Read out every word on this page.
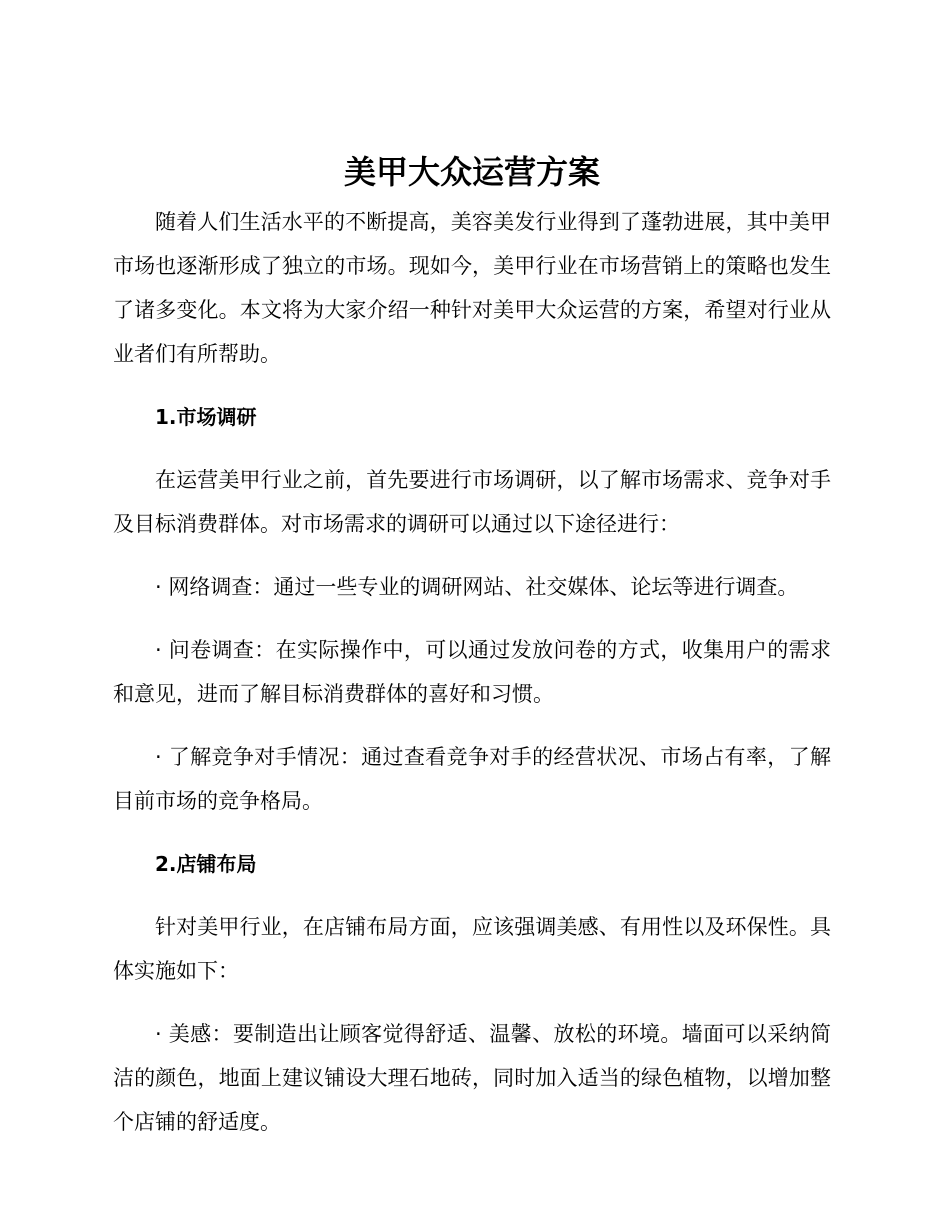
美甲大众运营方案

随着人们生活水平的不断提高，美容美发行业得到了蓬勃进展，其中美甲市场也逐渐形成了独立的市场。现如今，美甲行业在市场营销上的策略也发生了诸多变化。本文将为大家介绍一种针对美甲大众运营的方案，希望对行业从业者们有所帮助。

1.市场调研

在运营美甲行业之前，首先要进行市场调研，以了解市场需求、竞争对手及目标消费群体。对市场需求的调研可以通过以下途径进行：

· 网络调查：通过一些专业的调研网站、社交媒体、论坛等进行调查。

· 问卷调查：在实际操作中，可以通过发放问卷的方式，收集用户的需求和意见，进而了解目标消费群体的喜好和习惯。

· 了解竞争对手情况：通过查看竞争对手的经营状况、市场占有率，了解目前市场的竞争格局。

2.店铺布局

针对美甲行业，在店铺布局方面，应该强调美感、有用性以及环保性。具体实施如下：

· 美感：要制造出让顾客觉得舒适、温馨、放松的环境。墙面可以采纳简洁的颜色，地面上建议铺设大理石地砖，同时加入适当的绿色植物，以增加整个店铺的舒适度。
